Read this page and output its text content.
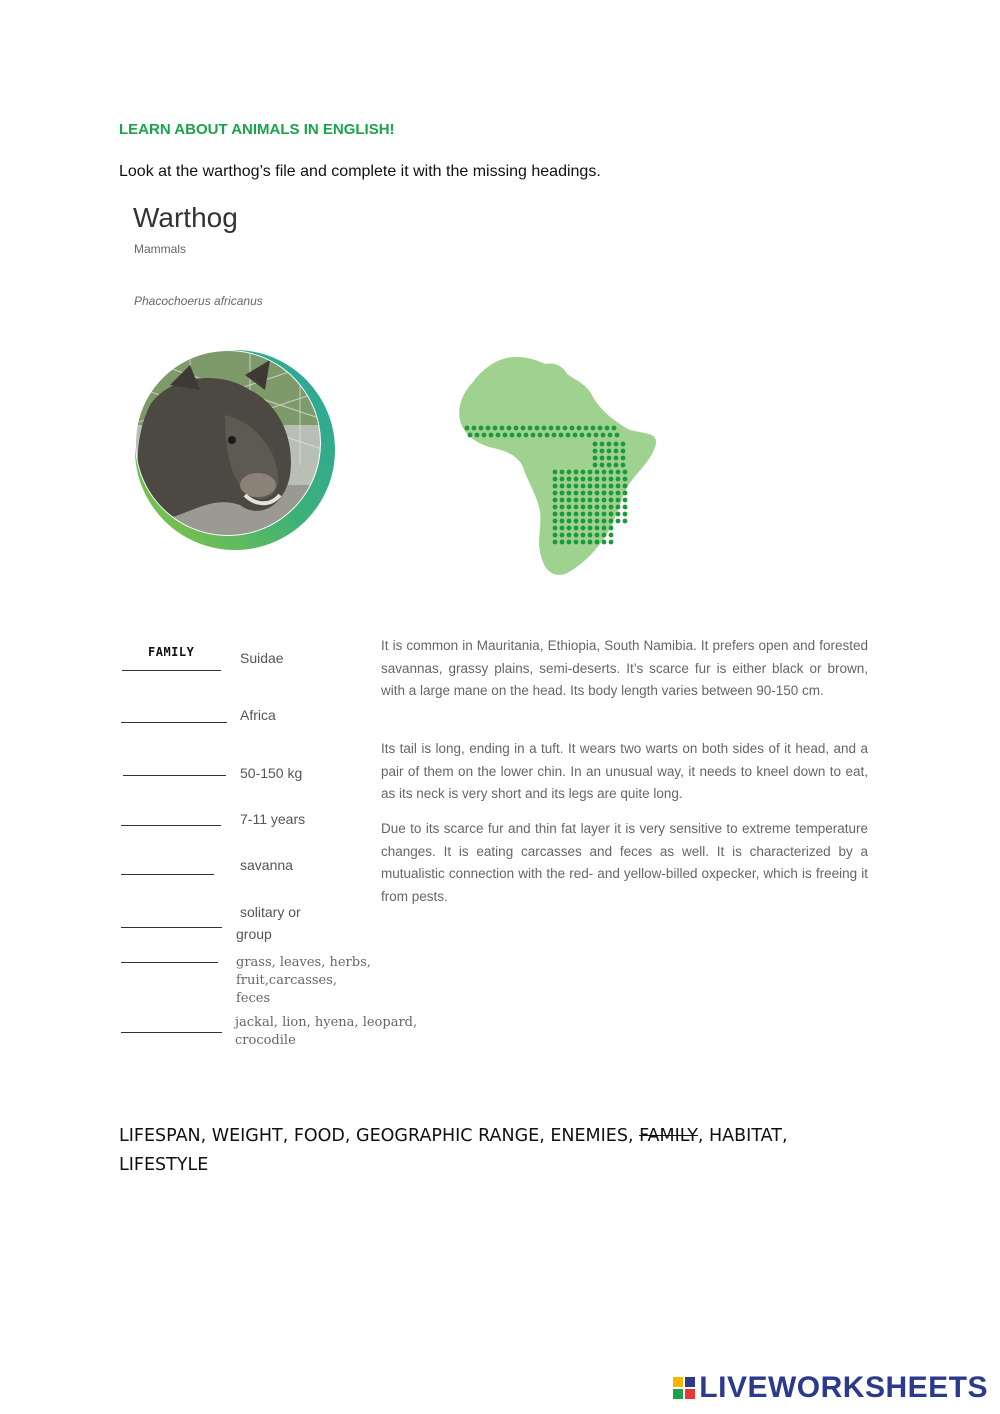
LEARN ABOUT ANIMALS IN ENGLISH!
Look at the warthog’s file and complete it with the missing headings.
Warthog
Mammals
Phacochoerus africanus
FAMILY	Suidae
Africa
50-150 kg
7-11 years
savanna
solitary or
group
grass, leaves, herbs,
fruit,carcasses,
feces
jackal, lion, hyena, leopard,
crocodile

It is common in Mauritania, Ethiopia, South Namibia. It prefers open and forested savannas, grassy plains, semi-deserts. It’s scarce fur is either black or brown, with a large mane on the head. Its body length varies between 90-150 cm.

Its tail is long, ending in a tuft. It wears two warts on both sides of it head, and a pair of them on the lower chin. In an unusual way, it needs to kneel down to eat, as its neck is very short and its legs are quite long.

Due to its scarce fur and thin fat layer it is very sensitive to extreme temperature changes. It is eating carcasses and feces as well. It is characterized by a mutualistic connection with the red- and yellow-billed oxpecker, which is freeing it from pests.

LIFESPAN, WEIGHT, FOOD, GEOGRAPHIC RANGE, ENEMIES, FAMILY, HABITAT, LIFESTYLE
LIVEWORKSHEETS
